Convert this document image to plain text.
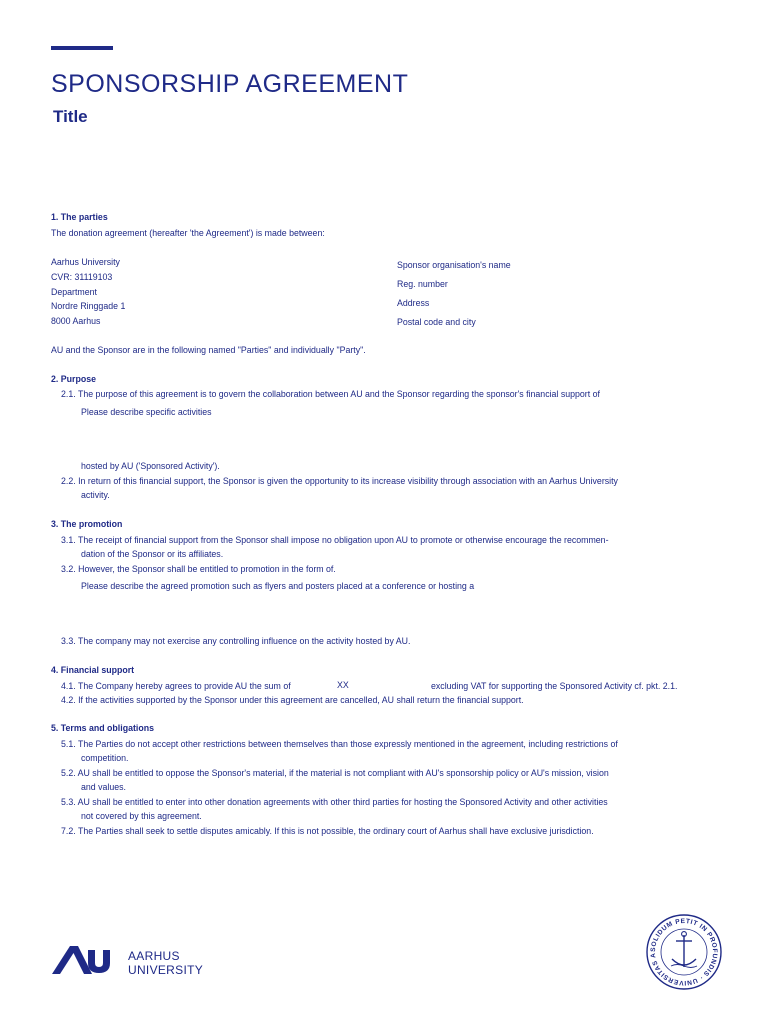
SPONSORSHIP AGREEMENT
Title
1. The parties
The donation agreement (hereafter 'the Agreement') is made between:
Aarhus University
CVR: 31119103
Department
Nordre Ringgade 1
8000 Aarhus
Sponsor organisation's name
Reg. number
Address
Postal code and city
AU and the Sponsor are in the following named "Parties" and individually "Party".
2. Purpose
2.1. The purpose of this agreement is to govern the collaboration between AU and the Sponsor regarding the sponsor's financial support of
Please describe specific activities
hosted by AU ('Sponsored Activity').
2.2. In return of this financial support, the Sponsor is given the opportunity to its increase visibility through association with an Aarhus University
activity.
3. The promotion
3.1. The receipt of financial support from the Sponsor shall impose no obligation upon AU to promote or otherwise encourage the recommen-
dation of the Sponsor or its affiliates.
3.2. However, the Sponsor shall be entitled to promotion in the form of.
Please describe the agreed promotion such as flyers and posters placed at a conference or hosting a
3.3. The company may not exercise any controlling influence on the activity hosted by AU.
4. Financial support
4.1. The Company hereby agrees to provide AU the sum of	XX	excluding VAT for supporting the Sponsored Activity cf. pkt. 2.1.
4.2. If the activities supported by the Sponsor under this agreement are cancelled, AU shall return the financial support.
5. Terms and obligations
5.1. The Parties do not accept other restrictions between themselves than those expressly mentioned in the agreement, including restrictions of
competition.
5.2. AU shall be entitled to oppose the Sponsor's material, if the material is not compliant with AU's sponsorship policy or AU's mission, vision
and values.
5.3. AU shall be entitled to enter into other donation agreements with other third parties for hosting the Sponsored Activity and other activities
not covered by this agreement.
7.2. The Parties shall seek to settle disputes amicably. If this is not possible, the ordinary court of Aarhus shall have exclusive jurisdiction.
AARHUS
UNIVERSITY
SOLIDUM PETIT IN PROFUNDIS · UNIVERSITAS A
